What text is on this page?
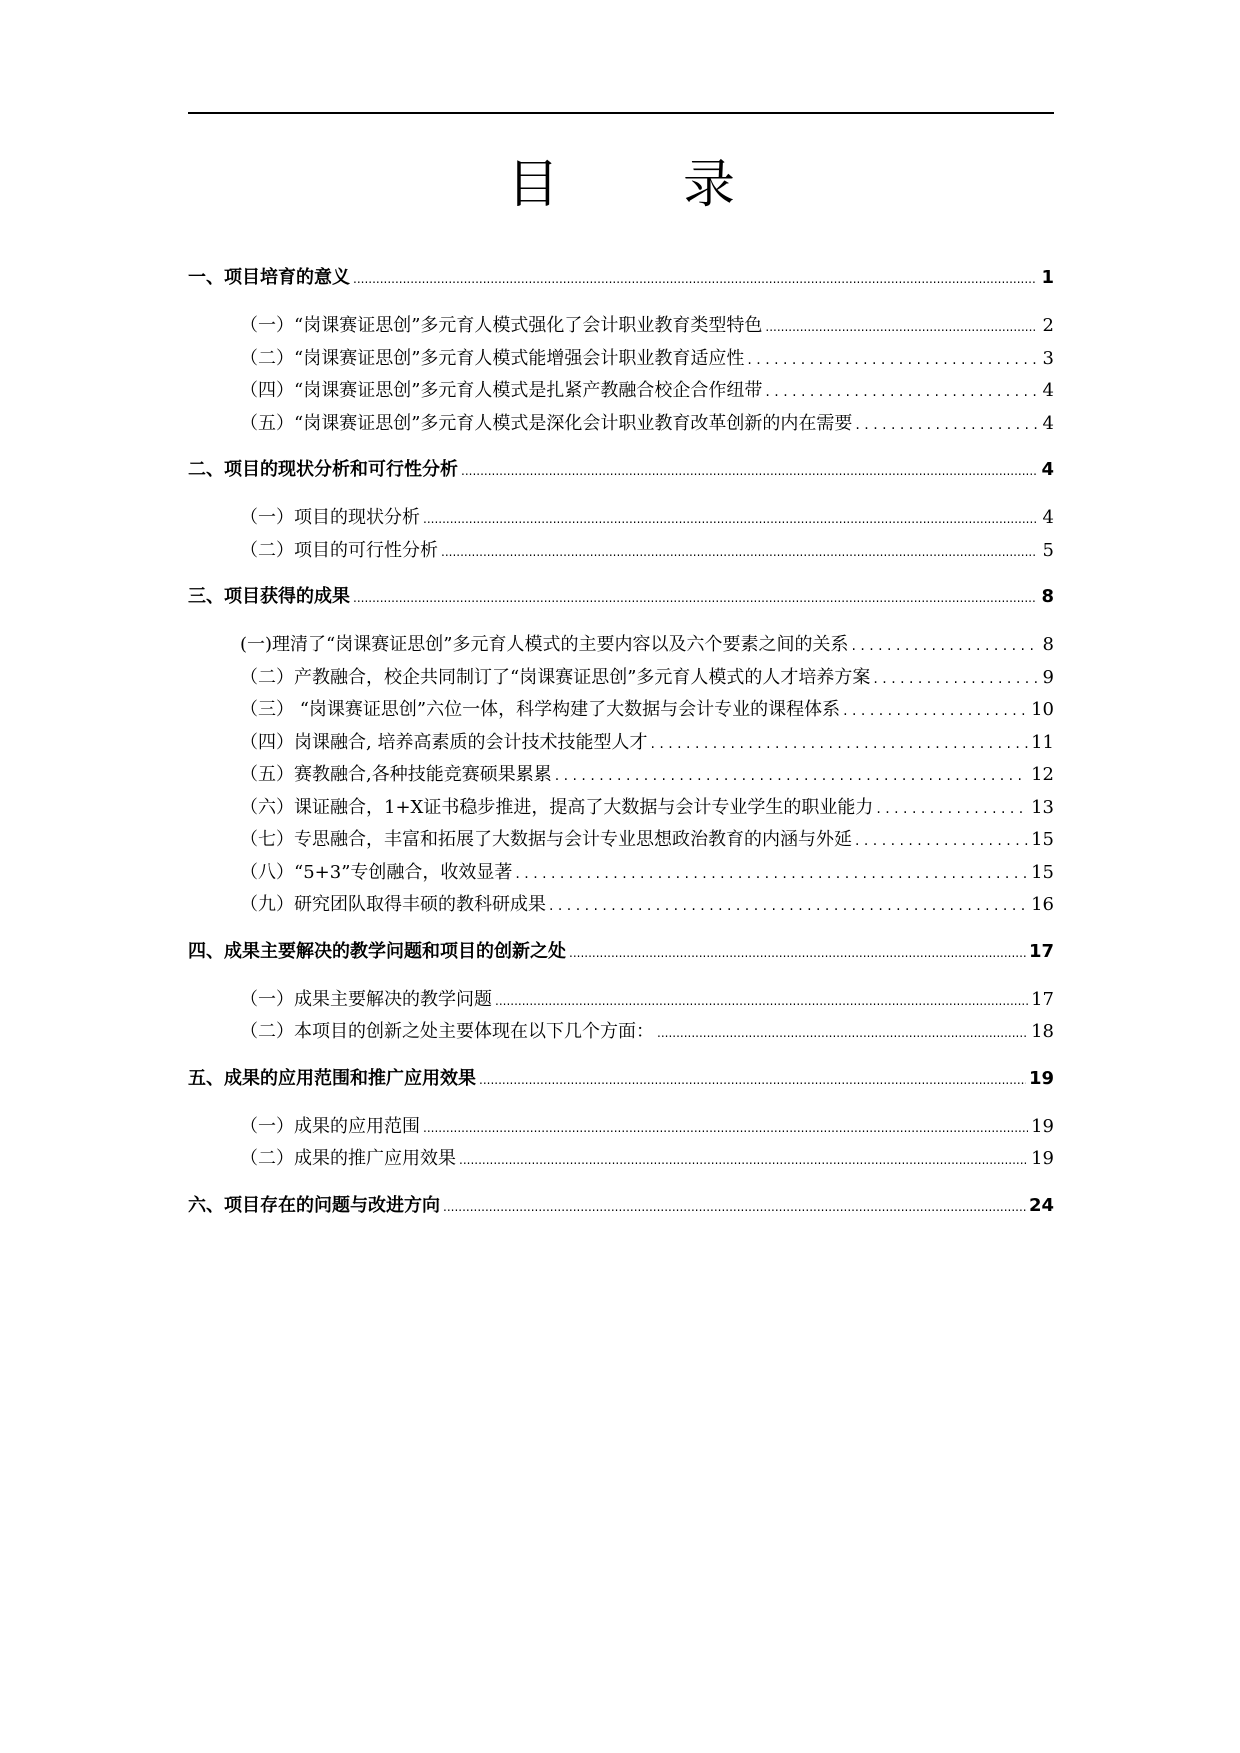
目　录
一、项目培育的意义 .....	1
（一）“岗课赛证思创”多元育人模式强化了会计职业教育类型特色 .....	2
（二）“岗课赛证思创”多元育人模式能增强会计职业教育适应性 . . .	3
（四）“岗课赛证思创”多元育人模式是扎紧产教融合校企合作纽带 . . .	4
（五）“岗课赛证思创”多元育人模式是深化会计职业教育改革创新的内在需要 . . .	4
二、项目的现状分析和可行性分析 .....	4
（一）项目的现状分析 .....	4
（二）项目的可行性分析 .....	5
三、项目获得的成果 .....	8
(一)理清了“岗课赛证思创”多元育人模式的主要内容以及六个要素之间的关系 . . .	8
（二）产教融合，校企共同制订了“岗课赛证思创”多元育人模式的人才培养方案 . . .	9
（三） “岗课赛证思创”六位一体，科学构建了大数据与会计专业的课程体系 . . .	10
（四）岗课融合, 培养高素质的会计技术技能型人才 . . .	11
（五）赛教融合,各种技能竞赛硕果累累 . . .	12
（六）课证融合，1+X证书稳步推进，提高了大数据与会计专业学生的职业能力 . . .	13
（七）专思融合，丰富和拓展了大数据与会计专业思想政治教育的内涵与外延 . . .	15
（八）“5+3”专创融合，收效显著 . . .	15
（九）研究团队取得丰硕的教科研成果 . . .	16
四、成果主要解决的教学问题和项目的创新之处 .....	17
（一）成果主要解决的教学问题 .....	17
（二）本项目的创新之处主要体现在以下几个方面： .....	18
五、成果的应用范围和推广应用效果 .....	19
（一）成果的应用范围 .....	19
（二）成果的推广应用效果 .....	19
六、项目存在的问题与改进方向 .....	24
